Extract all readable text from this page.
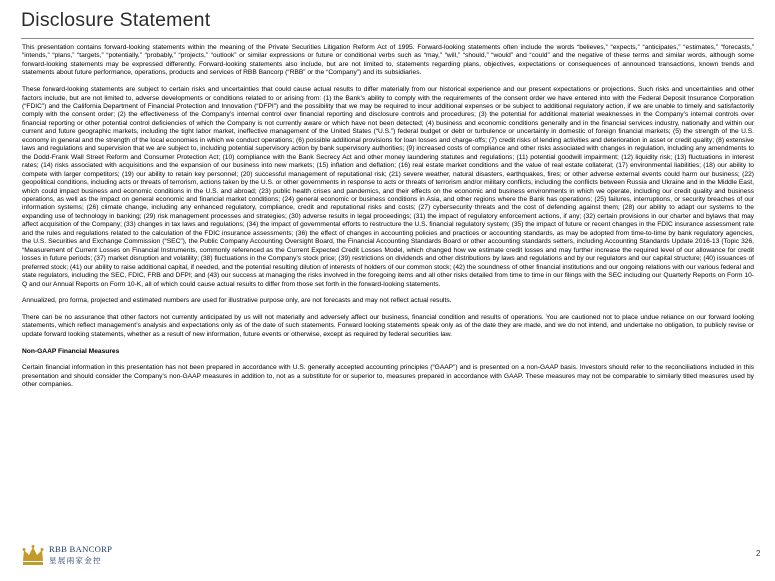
Disclosure Statement

This presentation contains forward-looking statements within the meaning of the Private Securities Litigation Reform Act of 1995. Forward-looking statements often include the words “believes,” “expects,” “anticipates,” “estimates,” “forecasts,” “intends,” “plans,” “targets,” “potentially,” “probably,” “projects,” “outlook” or similar expressions or future or conditional verbs such as “may,” “will,” “should,” “would” and “could” and the negative of these terms and similar words, although some forward-looking statements may be expressed differently. Forward-looking statements also include, but are not limited to, statements regarding plans, objectives, expectations or consequences of announced transactions, known trends and statements about future performance, operations, products and services of RBB Bancorp (“RBB” or the “Company”) and its subsidiaries.

These forward-looking statements are subject to certain risks and uncertainties that could cause actual results to differ materially from our historical experience and our present expectations or projections. Such risks and uncertainties and other factors include, but are not limited to, adverse developments or conditions related to or arising from: (1) the Bank’s ability to comply with the requirements of the consent order we have entered into with the Federal Deposit Insurance Corporation (“FDIC”) and the California Department of Financial Protection and Innovation (“DFPI”) and the possibility that we may be required to incur additional expenses or be subject to additional regulatory action, if we are unable to timely and satisfactorily comply with the consent order; (2) the effectiveness of the Company’s internal control over financial reporting and disclosure controls and procedures; (3) the potential for additional material weaknesses in the Company’s internal controls over financial reporting or other potential control deficiencies of which the Company is not currently aware or which have not been detected; (4) business and economic conditions generally and in the financial services industry, nationally and within our current and future geographic markets, including the tight labor market, ineffective management of the United States (“U.S.”) federal budget or debt or turbulence or uncertainly in domestic of foreign financial markets; (5) the strength of the U.S. economy in general and the strength of the local economies in which we conduct operations; (6) possible additional provisions for loan losses and charge-offs; (7) credit risks of lending activities and deterioration in asset or credit quality; (8) extensive laws and regulations and supervision that we are subject to, including potential supervisory action by bank supervisory authorities; (9) increased costs of compliance and other risks associated with changes in regulation, including any amendments to the Dodd-Frank Wall Street Reform and Consumer Protection Act; (10) compliance with the Bank Secrecy Act and other money laundering statutes and regulations; (11) potential goodwill impairment; (12) liquidity risk; (13) fluctuations in interest rates; (14) risks associated with acquisitions and the expansion of our business into new markets; (15) inflation and deflation; (16) real estate market conditions and the value of real estate collateral; (17) environmental liabilities; (18) our ability to compete with larger competitors; (19) our ability to retain key personnel; (20) successful management of reputational risk; (21) severe weather, natural disasters, earthquakes, fires; or other adverse external events could harm our business; (22) geopolitical conditions, including acts or threats of terrorism, actions taken by the U.S. or other governments in response to acts or threats of terrorism and/or military conflicts, including the conflicts between Russia and Ukraine and in the Middle East, which could impact business and economic conditions in the U.S. and abroad; (23) public health crises and pandemics, and their effects on the economic and business environments in which we operate, including our credit quality and business operations, as well as the impact on general economic and financial market conditions; (24) general economic or business conditions in Asia, and other regions where the Bank has operations; (25) failures, interruptions, or security breaches of our information systems; (26) climate change, including any enhanced regulatory, compliance, credit and reputational risks and costs; (27) cybersecurity threats and the cost of defending against them; (28) our ability to adapt our systems to the expanding use of technology in banking; (29) risk management processes and strategies; (30) adverse results in legal proceedings; (31) the impact of regulatory enforcement actions, if any; (32) certain provisions in our charter and bylaws that may affect acquisition of the Company; (33) changes in tax laws and regulations; (34) the impact of governmental efforts to restructure the U.S. financial regulatory system; (35) the impact of future or recent changes in the FDIC insurance assessment rate and the rules and regulations related to the calculation of the FDIC insurance assessments; (36) the effect of changes in accounting policies and practices or accounting standards, as may be adopted from time-to-time by bank regulatory agencies, the U.S. Securities and Exchange Commission (“SEC”), the Public Company Accounting Oversight Board, the Financial Accounting Standards Board or other accounting standards setters, including Accounting Standards Update 2016-13 (Topic 326, “Measurement of Current Losses on Financial Instruments, commonly referenced as the Current Expected Credit Losses Model, which changed how we estimate credit losses and may further increase the required level of our allowance for credit losses in future periods; (37) market disruption and volatility; (38) fluctuations in the Company’s stock price; (39) restrictions on dividends and other distributions by laws and regulations and by our regulators and our capital structure; (40) issuances of preferred stock; (41) our ability to raise additional capital, if needed, and the potential resulting dilution of interests of holders of our common stock; (42) the soundness of other financial institutions and our ongoing relations with our various federal and state regulators, including the SEC, FDIC, FRB and DFPI; and (43) our success at managing the risks involved in the foregoing items and all other risks detailed from time to time in our filings with the SEC including our Quarterly Reports on Form 10-Q and our Annual Reports on Form 10-K, all of which could cause actual results to differ from those set forth in the forward-looking statements.

Annualized, pro forma, projected and estimated numbers are used for illustrative purpose only, are not forecasts and may not reflect actual results.

There can be no assurance that other factors not currently anticipated by us will not materially and adversely affect our business, financial condition and results of operations. You are cautioned not to place undue reliance on our forward looking statements, which reflect management’s analysis and expectations only as of the date of such statements. Forward looking statements speak only as of the date they are made, and we do not intend, and undertake no obligation, to publicly revise or update forward looking statements, whether as a result of new information, future events or otherwise, except as required by federal securities law.

Non-GAAP Financial Measures

Certain financial information in this presentation has not been prepared in accordance with U.S. generally accepted accounting principles (“GAAP”) and is presented on a non-GAAP basis. Investors should refer to the reconciliations included in this presentation and should consider the Company’s non-GAAP measures in addition to, not as a substitute for or superior to, measures prepared in accordance with GAAP. These measures may not be comparable to similarly titled measures used by other companies.

RBB BANCORP
星展兩家金控
2
